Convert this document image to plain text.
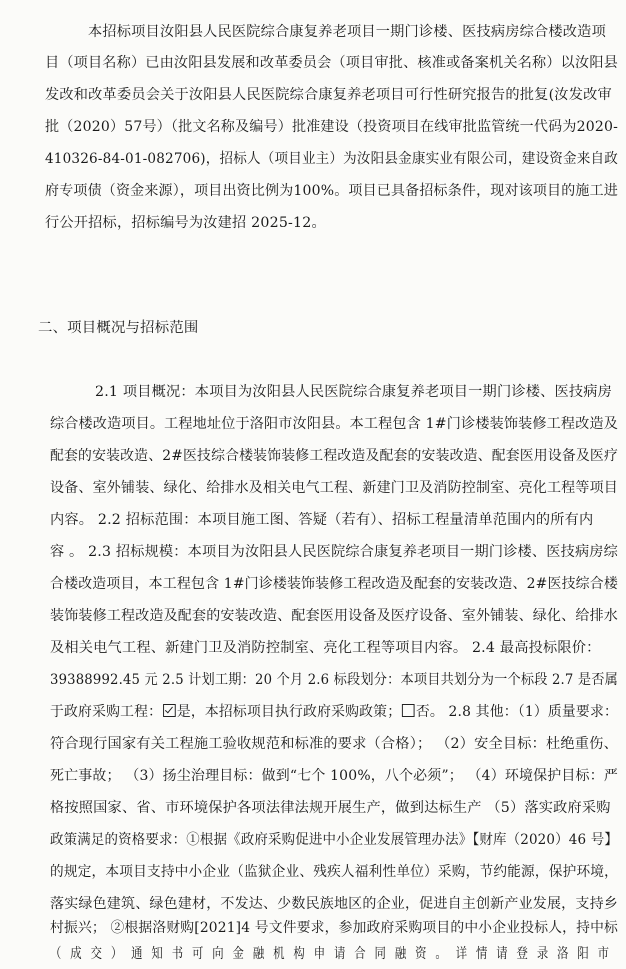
本招标项目汝阳县人民医院综合康复养老项目一期门诊楼、医技病房综合楼改造项
目（项目名称）已由汝阳县发展和改革委员会（项目审批、核准或备案机关名称）以汝阳县
发改和改革委员会关于汝阳县人民医院综合康复养老项目可行性研究报告的批复(汝发改审
批（2020）57号）（批文名称及编号）批准建设（投资项目在线审批监管统一代码为2020-
410326-84-01-082706)，招标人（项目业主）为汝阳县金康实业有限公司，建设资金来自政
府专项债（资金来源），项目出资比例为100%。项目已具备招标条件，现对该项目的施工进
行公开招标，招标编号为汝建招 2025-12。
二、项目概况与招标范围
2.1 项目概况：本项目为汝阳县人民医院综合康复养老项目一期门诊楼、医技病房
综合楼改造项目。工程地址位于洛阳市汝阳县。本工程包含 1#门诊楼装饰装修工程改造及
配套的安装改造、2#医技综合楼装饰装修工程改造及配套的安装改造、配套医用设备及医疗
设备、室外铺装、绿化、给排水及相关电气工程、新建门卫及消防控制室、亮化工程等项目
内容。 2.2 招标范围：本项目施工图、答疑（若有）、招标工程量清单范围内的所有内
容 。 2.3 招标规模：本项目为汝阳县人民医院综合康复养老项目一期门诊楼、医技病房综
合楼改造项目，本工程包含 1#门诊楼装饰装修工程改造及配套的安装改造、2#医技综合楼
装饰装修工程改造及配套的安装改造、配套医用设备及医疗设备、室外铺装、绿化、给排水
及相关电气工程、新建门卫及消防控制室、亮化工程等项目内容。 2.4 最高投标限价：
39388992.45 元 2.5 计划工期：20 个月 2.6 标段划分：本项目共划分为一个标段 2.7 是否属
于政府采购工程： 是，本招标项目执行政府采购政策； 否。 2.8 其他：（1）质量要求：
符合现行国家有关工程施工验收规范和标准的要求（合格）； （2）安全目标：杜绝重伤、
死亡事故； （3）扬尘治理目标：做到“七个 100%，八个必须”； （4）环境保护目标：严
格按照国家、省、市环境保护各项法律法规开展生产，做到达标生产 （5）落实政府采购
政策满足的资格要求：①根据《政府采购促进中小企业发展管理办法》【财库（2020）46 号】
的规定，本项目支持中小企业（监狱企业、残疾人福利性单位）采购，节约能源，保护环境，
落实绿色建筑、绿色建材，不发达、少数民族地区的企业，促进自主创新产业发展，支持乡
村振兴； ②根据洛财购[2021]4 号文件要求，参加政府采购项目的中小企业投标人，持中标
（成交）通知书可向金融机构申请合同融资。详情请登录洛阳市
